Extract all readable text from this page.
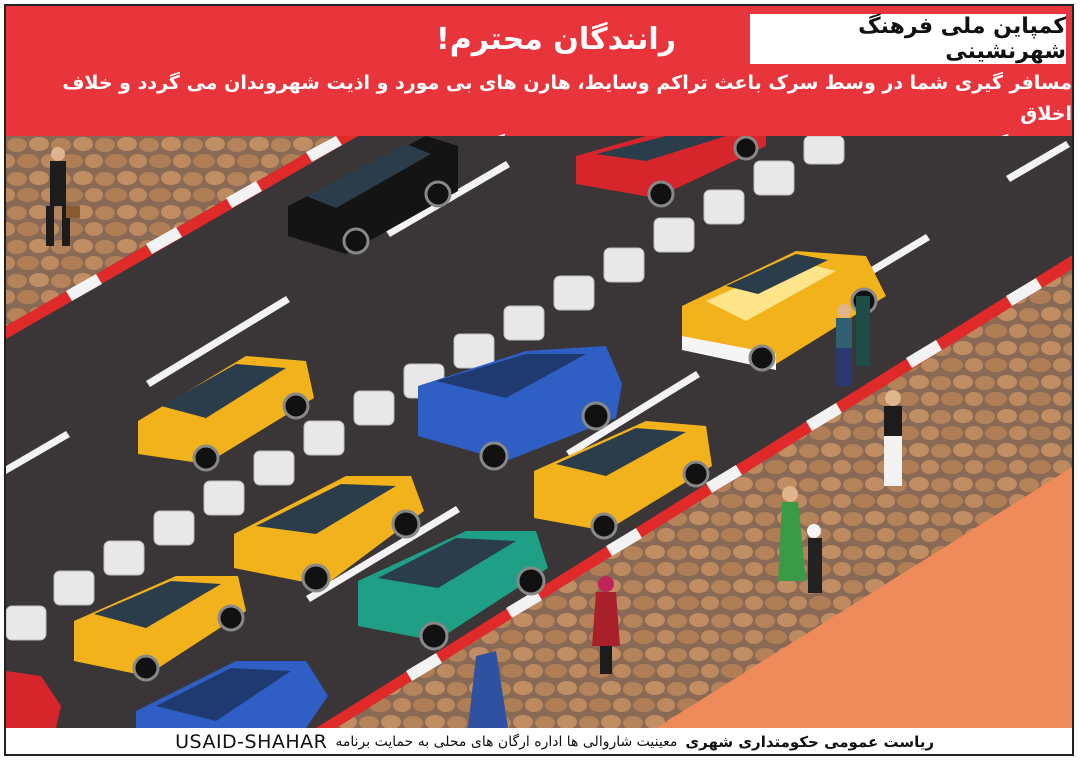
کمپاین ملی فرهنگ شهرنشینی
رانندگان محترم!
مسافر گیری شما در وسط سرک باعث تراکم وسایط، هارن های بی مورد و اذیت شهروندان می گردد و خلاف اخلاق
ریاست عمومی حکومتداری شهری
معینیت شاروالی ها اداره ارگان های محلی به حمایت برنامه
USAID-SHAHAR
